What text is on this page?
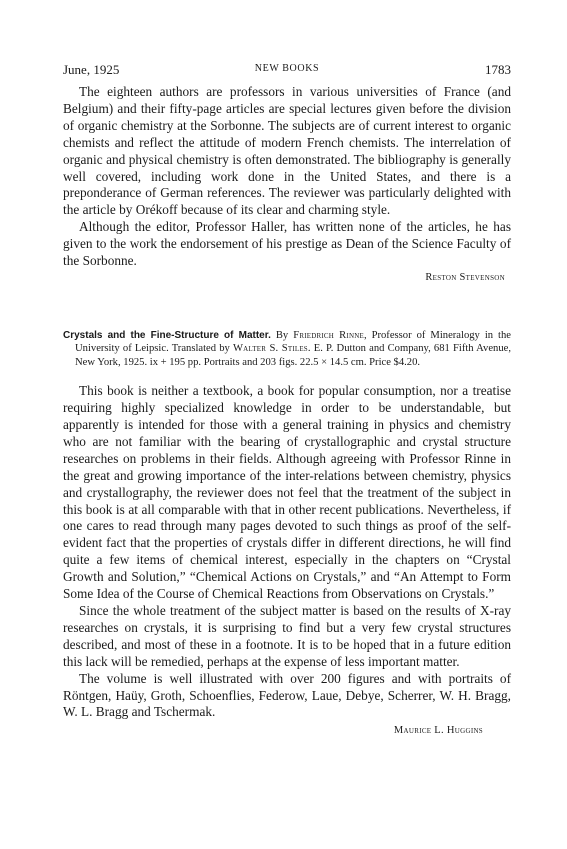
June, 1925	NEW BOOKS	1783

The eighteen authors are professors in various universities of France (and Belgium) and their fifty-page articles are special lectures given before the division of organic chemistry at the Sorbonne. The subjects are of current interest to organic chemists and reflect the attitude of modern French chemists. The interrelation of organic and physical chemistry is often demonstrated. The bibliography is generally well covered, including work done in the United States, and there is a preponderance of German references. The reviewer was particularly delighted with the article by Orékoff because of its clear and charming style.

Although the editor, Professor Haller, has written none of the articles, he has given to the work the endorsement of his prestige as Dean of the Science Faculty of the Sorbonne.

Reston Stevenson

Crystals and the Fine-Structure of Matter. By Friedrich Rinne, Professor of Mineralogy in the University of Leipsic. Translated by Walter S. Stiles. E. P. Dutton and Company, 681 Fifth Avenue, New York, 1925. ix + 195 pp. Portraits and 203 figs. 22.5 × 14.5 cm. Price $4.20.

This book is neither a textbook, a book for popular consumption, nor a treatise requiring highly specialized knowledge in order to be understandable, but apparently is intended for those with a general training in physics and chemistry who are not familiar with the bearing of crystallographic and crystal structure researches on problems in their fields. Although agreeing with Professor Rinne in the great and growing importance of the inter-relations between chemistry, physics and crystallography, the reviewer does not feel that the treatment of the subject in this book is at all comparable with that in other recent publications. Nevertheless, if one cares to read through many pages devoted to such things as proof of the self-evident fact that the properties of crystals differ in different directions, he will find quite a few items of chemical interest, especially in the chapters on “Crystal Growth and Solution,” “Chemical Actions on Crystals,” and “An Attempt to Form Some Idea of the Course of Chemical Reactions from Observations on Crystals.”

Since the whole treatment of the subject matter is based on the results of X-ray researches on crystals, it is surprising to find but a very few crystal structures described, and most of these in a footnote. It is to be hoped that in a future edition this lack will be remedied, perhaps at the expense of less important matter.

The volume is well illustrated with over 200 figures and with portraits of Röntgen, Haüy, Groth, Schoenflies, Federow, Laue, Debye, Scherrer, W. H. Bragg, W. L. Bragg and Tschermak.

Maurice L. Huggins
